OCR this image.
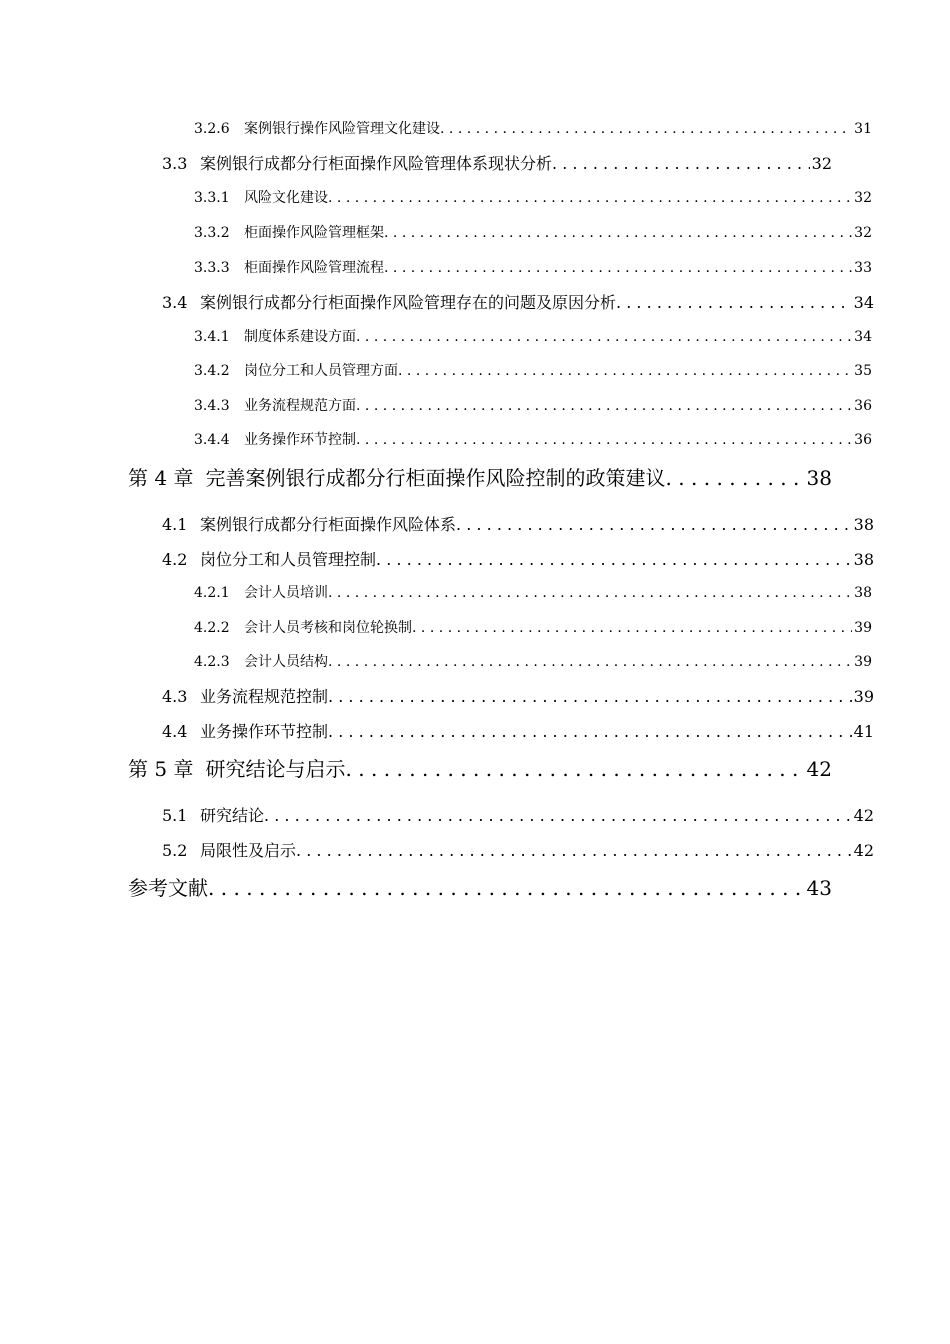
3.2.6	案例银行操作风险管理文化建设 .....	31
3.3 案例银行成都分行柜面操作风险管理体系现状分析 .....	32
3.3.1	风险文化建设 .....	32
3.3.2	柜面操作风险管理框架 .....	32
3.3.3	柜面操作风险管理流程 .....	33
3.4 案例银行成都分行柜面操作风险管理存在的问题及原因分析 .....	34
3.4.1	制度体系建设方面 .....	34
3.4.2	岗位分工和人员管理方面 .....	35
3.4.3	业务流程规范方面 .....	36
3.4.4	业务操作环节控制 .....	36
第 4 章 完善案例银行成都分行柜面操作风险控制的政策建议 .....	38
4.1 案例银行成都分行柜面操作风险体系 .....	38
4.2 岗位分工和人员管理控制 .....	38
4.2.1	会计人员培训 .....	38
4.2.2	会计人员考核和岗位轮换制 .....	39
4.2.3	会计人员结构 .....	39
4.3 业务流程规范控制 .....	39
4.4 业务操作环节控制 .....	41
第 5 章 研究结论与启示 .....	42
5.1 研究结论 .....	42
5.2 局限性及启示 .....	42
参考文献 .....	43
